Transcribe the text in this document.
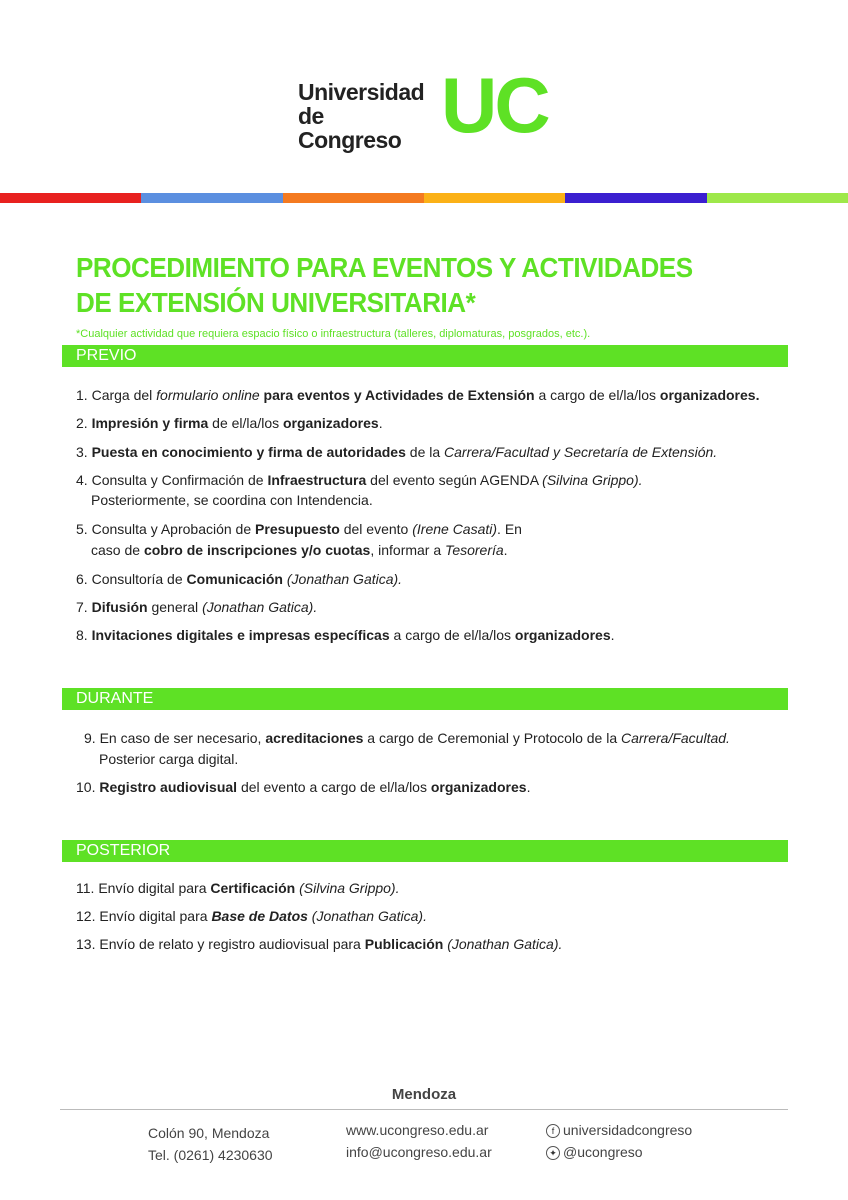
Universidad
de Congreso UC
PROCEDIMIENTO PARA EVENTOS Y ACTIVIDADES
DE EXTENSIÓN UNIVERSITARIA*
*Cualquier actividad que requiera espacio físico o infraestructura (talleres, diplomaturas, posgrados, etc.).
PREVIO
1. Carga del formulario online para eventos y Actividades de Extensión a cargo de el/la/los organizadores.
2. Impresión y firma de el/la/los organizadores.
3. Puesta en conocimiento y firma de autoridades de la Carrera/Facultad y Secretaría de Extensión.
4. Consulta y Confirmación de Infraestructura del evento según AGENDA (Silvina Grippo).
Posteriormente, se coordina con Intendencia.
5. Consulta y Aprobación de Presupuesto del evento (Irene Casati). En
caso de cobro de inscripciones y/o cuotas, informar a Tesorería.
6. Consultoría de Comunicación (Jonathan Gatica).
7. Difusión general (Jonathan Gatica).
8. Invitaciones digitales e impresas específicas a cargo de el/la/los organizadores.
DURANTE
9. En caso de ser necesario, acreditaciones a cargo de Ceremonial y Protocolo de la Carrera/Facultad.
Posterior carga digital.
10. Registro audiovisual del evento a cargo de el/la/los organizadores.
POSTERIOR
11. Envío digital para Certificación (Silvina Grippo).
12. Envío digital para Base de Datos (Jonathan Gatica).
13. Envío de relato y registro audiovisual para Publicación (Jonathan Gatica).
Mendoza
Colón 90, Mendoza
Tel. (0261) 4230630
www.ucongreso.edu.ar
info@ucongreso.edu.ar
f universidadcongreso
✦ @ucongreso
